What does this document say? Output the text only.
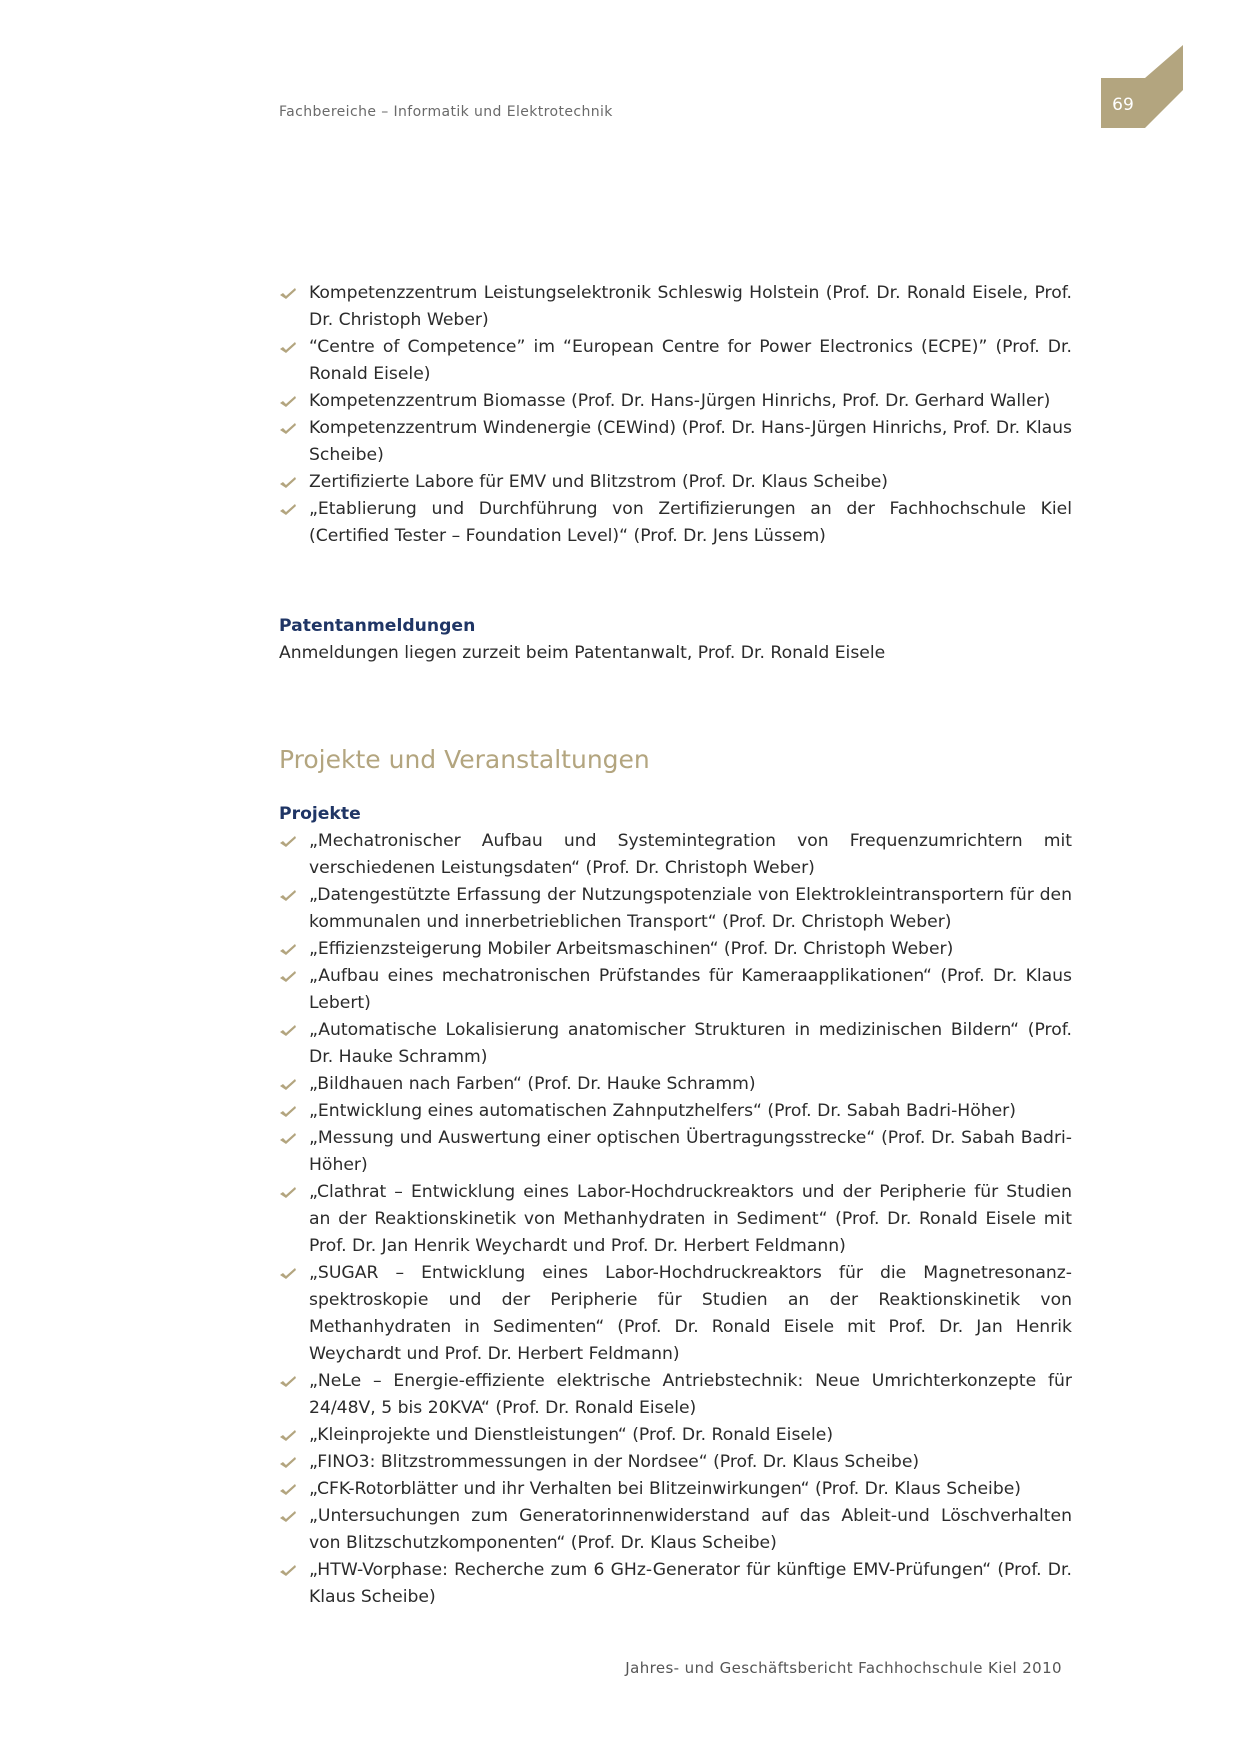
Fachbereiche – Informatik und Elektrotechnik	69
Kompetenzzentrum Leistungselektronik Schleswig Holstein (Prof. Dr. Ronald Eisele, Prof. Dr. Christoph Weber)
“Centre of Competence” im “European Centre for Power Electronics (ECPE)” (Prof. Dr. Ronald Eisele)
Kompetenzzentrum Biomasse (Prof. Dr. Hans-Jürgen Hinrichs, Prof. Dr. Gerhard Waller)
Kompetenzzentrum Windenergie (CEWind) (Prof. Dr. Hans-Jürgen Hinrichs, Prof. Dr. Klaus Scheibe)
Zertifizierte Labore für EMV und Blitzstrom (Prof. Dr. Klaus Scheibe)
„Etablierung und Durchführung von Zertifizierungen an der Fachhochschule Kiel (Certified Tester – Foundation Level)“ (Prof. Dr. Jens Lüssem)

Patentanmeldungen

Anmeldungen liegen zurzeit beim Patentanwalt, Prof. Dr. Ronald Eisele

Projekte und Veranstaltungen

Projekte

„Mechatronischer Aufbau und Systemintegration von Frequenzumrichtern mit verschiedenen Leistungsdaten“ (Prof. Dr. Christoph Weber)
„Datengestützte Erfassung der Nutzungspotenziale von Elektrokleintransportern für den kommunalen und innerbetrieblichen Transport“ (Prof. Dr. Christoph Weber)
„Effizienzsteigerung Mobiler Arbeitsmaschinen“ (Prof. Dr. Christoph Weber)
„Aufbau eines mechatronischen Prüfstandes für Kameraapplikationen“ (Prof. Dr. Klaus Lebert)
„Automatische Lokalisierung anatomischer Strukturen in medizinischen Bildern“ (Prof. Dr. Hauke Schramm)
„Bildhauen nach Farben“ (Prof. Dr. Hauke Schramm)
„Entwicklung eines automatischen Zahnputzhelfers“ (Prof. Dr. Sabah Badri-Höher)
„Messung und Auswertung einer optischen Übertragungsstrecke“ (Prof. Dr. Sabah Badri-Höher)
„Clathrat – Entwicklung eines Labor-Hochdruckreaktors und der Peripherie für Studien an der Reaktionskinetik von Methanhydraten in Sediment“ (Prof. Dr. Ronald Eisele mit Prof. Dr. Jan Henrik Weychardt und Prof. Dr. Herbert Feldmann)
„SUGAR – Entwicklung eines Labor-Hochdruckreaktors für die Magnetresonanz-spektroskopie und der Peripherie für Studien an der Reaktionskinetik von Methanhydraten in Sedimenten“ (Prof. Dr. Ronald Eisele mit Prof. Dr. Jan Henrik Weychardt und Prof. Dr. Herbert Feldmann)
„NeLe – Energie-effiziente elektrische Antriebstechnik: Neue Umrichterkonzepte für 24/48V, 5 bis 20KVA“ (Prof. Dr. Ronald Eisele)
„Kleinprojekte und Dienstleistungen“ (Prof. Dr. Ronald Eisele)
„FINO3: Blitzstrommessungen in der Nordsee“ (Prof. Dr. Klaus Scheibe)
„CFK-Rotorblätter und ihr Verhalten bei Blitzeinwirkungen“ (Prof. Dr. Klaus Scheibe)
„Untersuchungen zum Generatorinnenwiderstand auf das Ableit-und Löschverhalten von Blitzschutzkomponenten“ (Prof. Dr. Klaus Scheibe)
„HTW-Vorphase: Recherche zum 6 GHz-Generator für künftige EMV-Prüfungen“ (Prof. Dr. Klaus Scheibe)
Jahres- und Geschäftsbericht Fachhochschule Kiel 2010
